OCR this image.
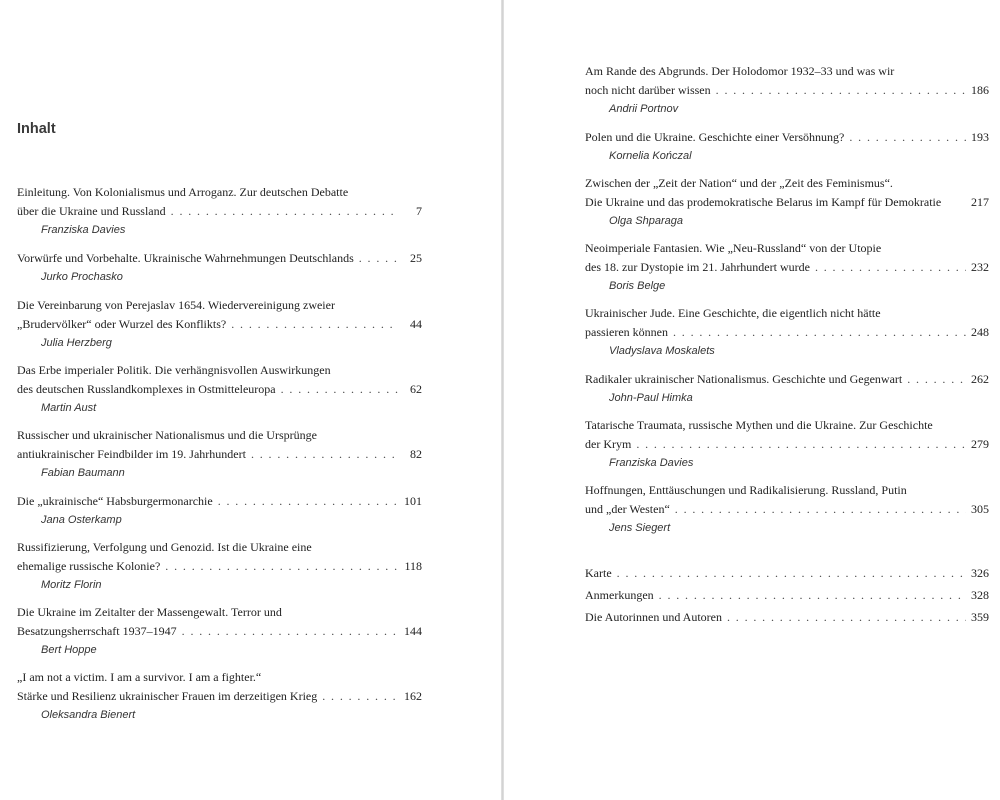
Inhalt
Einleitung. Von Kolonialismus und Arroganz. Zur deutschen Debatte
über die Ukraine und Russland . . .	7
Franziska Davies
Vorwürfe und Vorbehalte. Ukrainische Wahrnehmungen Deutschlands . . .	25
Jurko Prochasko
Die Vereinbarung von Perejaslav 1654. Wiedervereinigung zweier
„Brudervölker“ oder Wurzel des Konflikts? . . .	44
Julia Herzberg
Das Erbe imperialer Politik. Die verhängnisvollen Auswirkungen
des deutschen Russlandkomplexes in Ostmitteleuropa . . .	62
Martin Aust
Russischer und ukrainischer Nationalismus und die Ursprünge
antiukrainischer Feindbilder im 19. Jahrhundert . . .	82
Fabian Baumann
Die „ukrainische“ Habsburgermonarchie . . .	101
Jana Osterkamp
Russifizierung, Verfolgung und Genozid. Ist die Ukraine eine
ehemalige russische Kolonie? . . .	118
Moritz Florin
Die Ukraine im Zeitalter der Massengewalt. Terror und
Besatzungsherrschaft 1937–1947 . . .	144
Bert Hoppe
„I am not a victim. I am a survivor. I am a fighter.“
Stärke und Resilienz ukrainischer Frauen im derzeitigen Krieg . . .	162
Oleksandra Bienert
Am Rande des Abgrunds. Der Holodomor 1932–33 und was wir
noch nicht darüber wissen . . .	186
Andrii Portnov
Polen und die Ukraine. Geschichte einer Versöhnung? . . .	193
Kornelia Kończal
Zwischen der „Zeit der Nation“ und der „Zeit des Feminismus“.
Die Ukraine und das prodemokratische Belarus im Kampf für Demokratie 217
Olga Shparaga
Neoimperiale Fantasien. Wie „Neu-Russland“ von der Utopie
des 18. zur Dystopie im 21. Jahrhundert wurde . . .	232
Boris Belge
Ukrainischer Jude. Eine Geschichte, die eigentlich nicht hätte
passieren können . . .	248
Vladyslava Moskalets
Radikaler ukrainischer Nationalismus. Geschichte und Gegenwart . . .	262
John-Paul Himka
Tatarische Traumata, russische Mythen und die Ukraine. Zur Geschichte
der Krym . . .	279
Franziska Davies
Hoffnungen, Enttäuschungen und Radikalisierung. Russland, Putin
und „der Westen“ . . .	305
Jens Siegert
Karte . . .	326
Anmerkungen . . .	328
Die Autorinnen und Autoren . . .	359
